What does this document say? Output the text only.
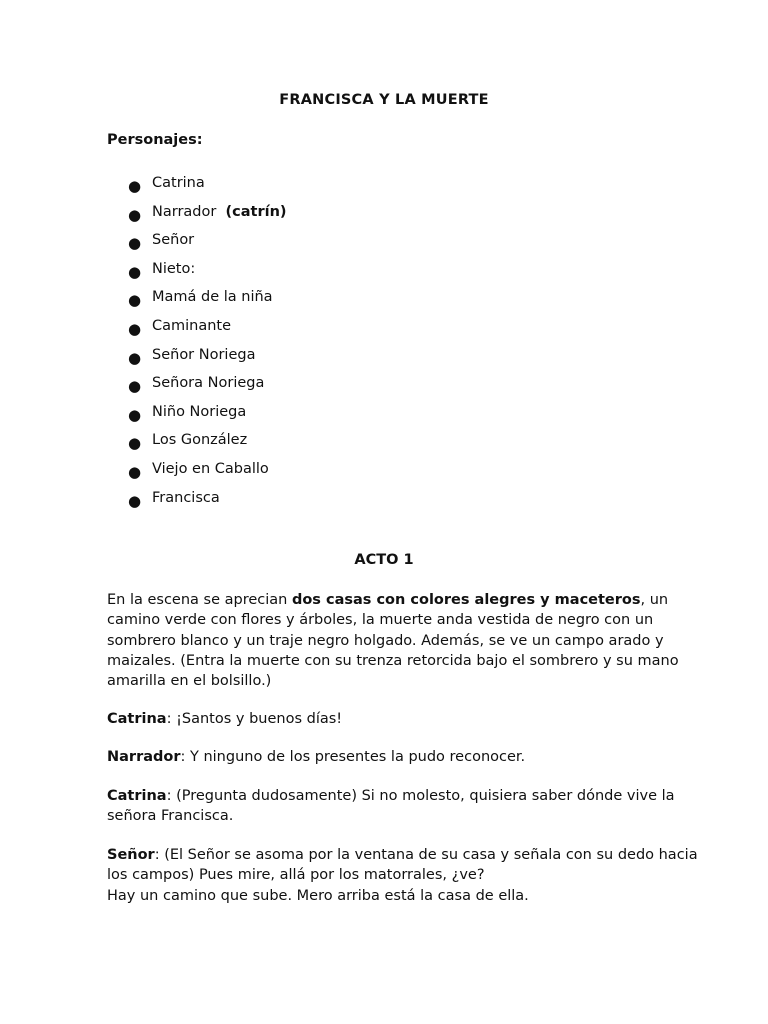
FRANCISCA Y LA MUERTE
Personajes:
● Catrina
● Narrador (catrín)
● Señor
● Nieto:
● Mamá de la niña
● Caminante
● Señor Noriega
● Señora Noriega
● Niño Noriega
● Los González
● Viejo en Caballo
● Francisca
ACTO 1

En la escena se aprecian dos casas con colores alegres y maceteros, un
camino verde con flores y árboles, la muerte anda vestida de negro con un
sombrero blanco y un traje negro holgado. Además, se ve un campo arado y
maizales. (Entra la muerte con su trenza retorcida bajo el sombrero y su mano
amarilla en el bolsillo.)

Catrina: ¡Santos y buenos días!

Narrador: Y ninguno de los presentes la pudo reconocer.

Catrina: (Pregunta dudosamente) Si no molesto, quisiera saber dónde vive la
señora Francisca.

Señor: (El Señor se asoma por la ventana de su casa y señala con su dedo hacia
los campos) Pues mire, allá por los matorrales, ¿ve?
Hay un camino que sube. Mero arriba está la casa de ella.
